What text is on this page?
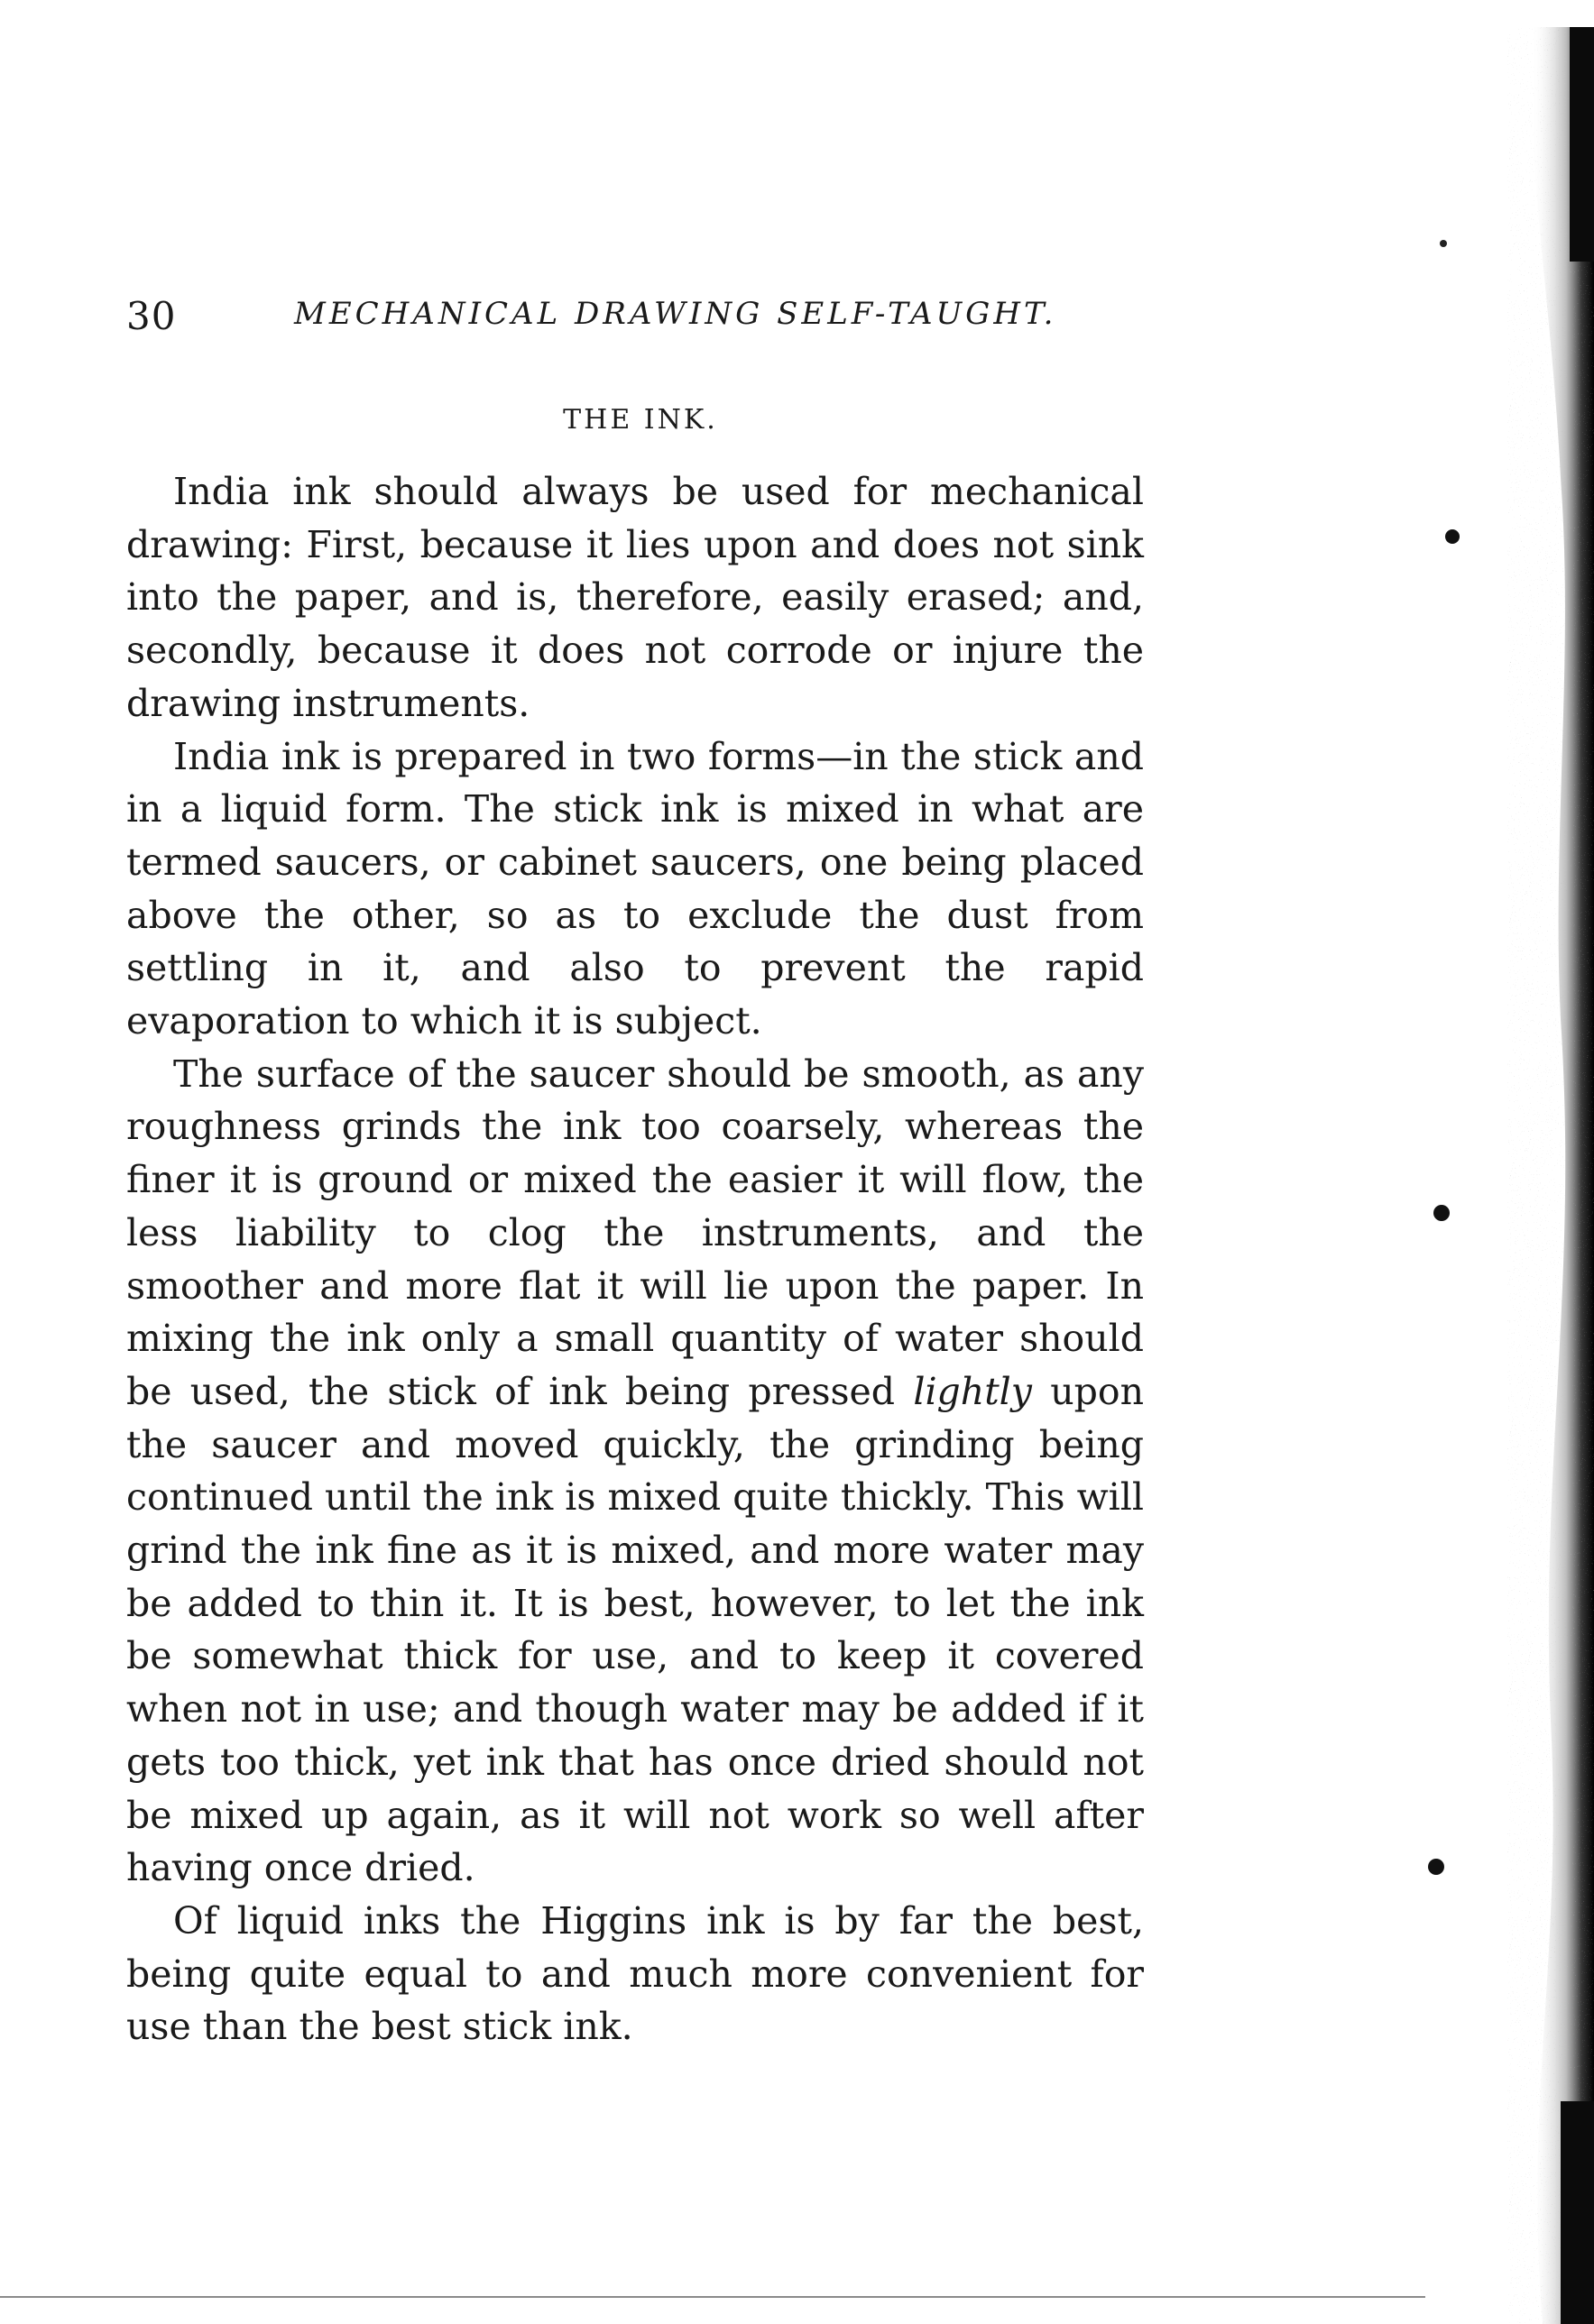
30	MECHANICAL DRAWING SELF-TAUGHT.
THE INK.

India ink should always be used for mechanical drawing: First, because it lies upon and does not sink into the paper, and is, therefore, easily erased; and, secondly, because it does not corrode or injure the drawing instruments.

India ink is prepared in two forms—in the stick and in a liquid form. The stick ink is mixed in what are termed saucers, or cabinet saucers, one being placed above the other, so as to exclude the dust from settling in it, and also to prevent the rapid evaporation to which it is subject.

The surface of the saucer should be smooth, as any roughness grinds the ink too coarsely, whereas the finer it is ground or mixed the easier it will flow, the less liability to clog the instruments, and the smoother and more flat it will lie upon the paper. In mixing the ink only a small quantity of water should be used, the stick of ink being pressed lightly upon the saucer and moved quickly, the grinding being continued until the ink is mixed quite thickly. This will grind the ink fine as it is mixed, and more water may be added to thin it. It is best, however, to let the ink be somewhat thick for use, and to keep it covered when not in use; and though water may be added if it gets too thick, yet ink that has once dried should not be mixed up again, as it will not work so well after having once dried.

Of liquid inks the Higgins ink is by far the best, being quite equal to and much more convenient for use than the best stick ink.
